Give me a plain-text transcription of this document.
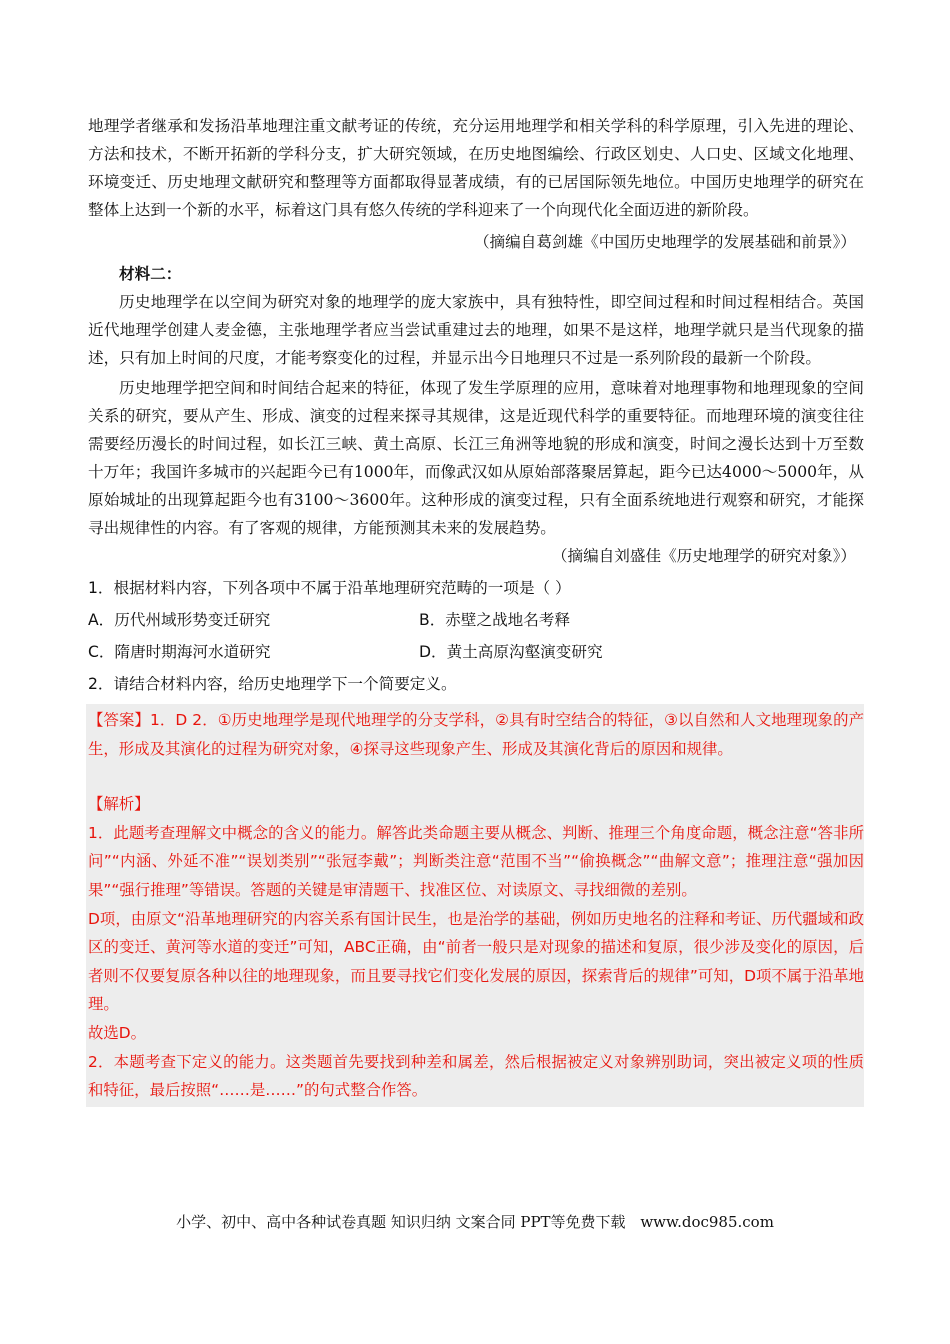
地理学者继承和发扬沿革地理注重文献考证的传统，充分运用地理学和相关学科的科学原理，引入先进的理论、方法和技术，不断开拓新的学科分支，扩大研究领域，在历史地图编绘、行政区划史、人口史、区域文化地理、环境变迁、历史地理文献研究和整理等方面都取得显著成绩，有的已居国际领先地位。中国历史地理学的研究在整体上达到一个新的水平，标着这门具有悠久传统的学科迎来了一个向现代化全面迈进的新阶段。

（摘编自葛剑雄《中国历史地理学的发展基础和前景》）

材料二：

历史地理学在以空间为研究对象的地理学的庞大家族中，具有独特性，即空间过程和时间过程相结合。英国近代地理学创建人麦金德，主张地理学者应当尝试重建过去的地理，如果不是这样，地理学就只是当代现象的描述，只有加上时间的尺度，才能考察变化的过程，并显示出今日地理只不过是一系列阶段的最新一个阶段。

历史地理学把空间和时间结合起来的特征，体现了发生学原理的应用，意味着对地理事物和地理现象的空间关系的研究，要从产生、形成、演变的过程来探寻其规律，这是近现代科学的重要特征。而地理环境的演变往往需要经历漫长的时间过程，如长江三峡、黄土高原、长江三角洲等地貌的形成和演变，时间之漫长达到十万至数十万年；我国许多城市的兴起距今已有1000年，而像武汉如从原始部落聚居算起，距今已达4000～5000年，从原始城址的出现算起距今也有3100～3600年。这种形成的演变过程，只有全面系统地进行观察和研究，才能探寻出规律性的内容。有了客观的规律，方能预测其未来的发展趋势。

（摘编自刘盛佳《历史地理学的研究对象》）

1．根据材料内容，下列各项中不属于沿革地理研究范畴的一项是（ ）

A．历代州域形势变迁研究	B．赤壁之战地名考释
C．隋唐时期海河水道研究	D．黄土高原沟壑演变研究

2．请结合材料内容，给历史地理学下一个简要定义。

【答案】1．D 2．①历史地理学是现代地理学的分支学科，②具有时空结合的特征，③以自然和人文地理现象的产生，形成及其演化的过程为研究对象，④探寻这些现象产生、形成及其演化背后的原因和规律。

【解析】

1．此题考查理解文中概念的含义的能力。解答此类命题主要从概念、判断、推理三个角度命题，概念注意“答非所问”“内涵、外延不准”“误划类别”“张冠李戴”；判断类注意“范围不当”“偷换概念”“曲解文意”；推理注意“强加因果”“强行推理”等错误。答题的关键是审清题干、找准区位、对读原文、寻找细微的差别。

D项，由原文“沿革地理研究的内容关系有国计民生，也是治学的基础，例如历史地名的注释和考证、历代疆域和政区的变迁、黄河等水道的变迁”可知，ABC正确，由“前者一般只是对现象的描述和复原，很少涉及变化的原因，后者则不仅要复原各种以往的地理现象，而且要寻找它们变化发展的原因，探索背后的规律”可知，D项不属于沿革地理。

故选D。

2．本题考查下定义的能力。这类题首先要找到种差和属差，然后根据被定义对象辨别助词，突出被定义项的性质和特征，最后按照“……是……”的句式整合作答。

小学、初中、高中各种试卷真题 知识归纳 文案合同 PPT等免费下载 www.doc985.com
